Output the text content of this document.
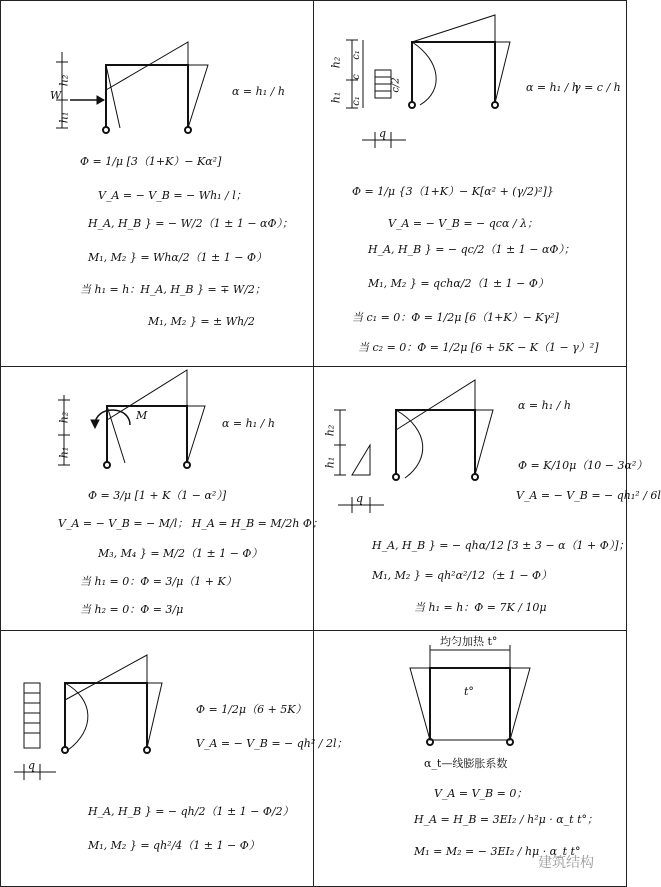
h₂
h₁
W	α = h₁ / h
Φ = 1/μ [3（1+K）− Kα²]
V_A = − V_B = − Wh₁ / l；
H_A, H_B } = − W/2（1 ± 1 − αΦ）；
M₁, M₂ } = Whα/2（1 ± 1 − Φ）
当 h₁ = h：H_A, H_B } = ∓ W/2；
M₁, M₂ } = ± Wh/2
h₂
h₁
c₁
c
c₁
c/2
q
α = h₁ / h
γ = c / h
Φ = 1/μ {3（1+K）− K[α² + (γ/2)²]}
V_A = − V_B = − qcα / λ；
H_A, H_B } = − qc/2（1 ± 1 − αΦ）；
M₁, M₂ } = qchα/2（1 ± 1 − Φ）
当 c₁ = 0：Φ = 1/2μ [6（1+K）− Kγ²]
当 c₂ = 0：Φ = 1/2μ [6 + 5K − K（1 − γ）²]
h₂
h₁
M
α = h₁ / h
Φ = 3/μ [1 + K（1 − α²）]
V_A = − V_B = − M/l； H_A = H_B = M/2h Φ；
M₃, M₄ } = M/2（1 ± 1 − Φ）
当 h₁ = 0：Φ = 3/μ（1 + K）
当 h₂ = 0：Φ = 3/μ
h₂
h₁
q
α = h₁ / h
Φ = K/10μ（10 − 3α²）
V_A = − V_B = − qh₁² / 6l
H_A, H_B } = − qhα/12 [3 ± 3 − α（1 + Φ）]；
M₁, M₂ } = qh²α²/12（± 1 − Φ）
当 h₁ = h：Φ = 7K / 10μ
q
Φ = 1/2μ（6 + 5K）
V_A = − V_B = − qh² / 2l；
H_A, H_B } = − qh/2（1 ± 1 − Φ/2）
M₁, M₂ } = qh²/4（1 ± 1 − Φ）
均匀加热 t°
t°
α_t—线膨胀系数
V_A = V_B = 0；
H_A = H_B = 3EI₂ / h²μ · α_t t°；
M₁ = M₂ = − 3EI₂ / hμ · α_t t°
建筑结构
